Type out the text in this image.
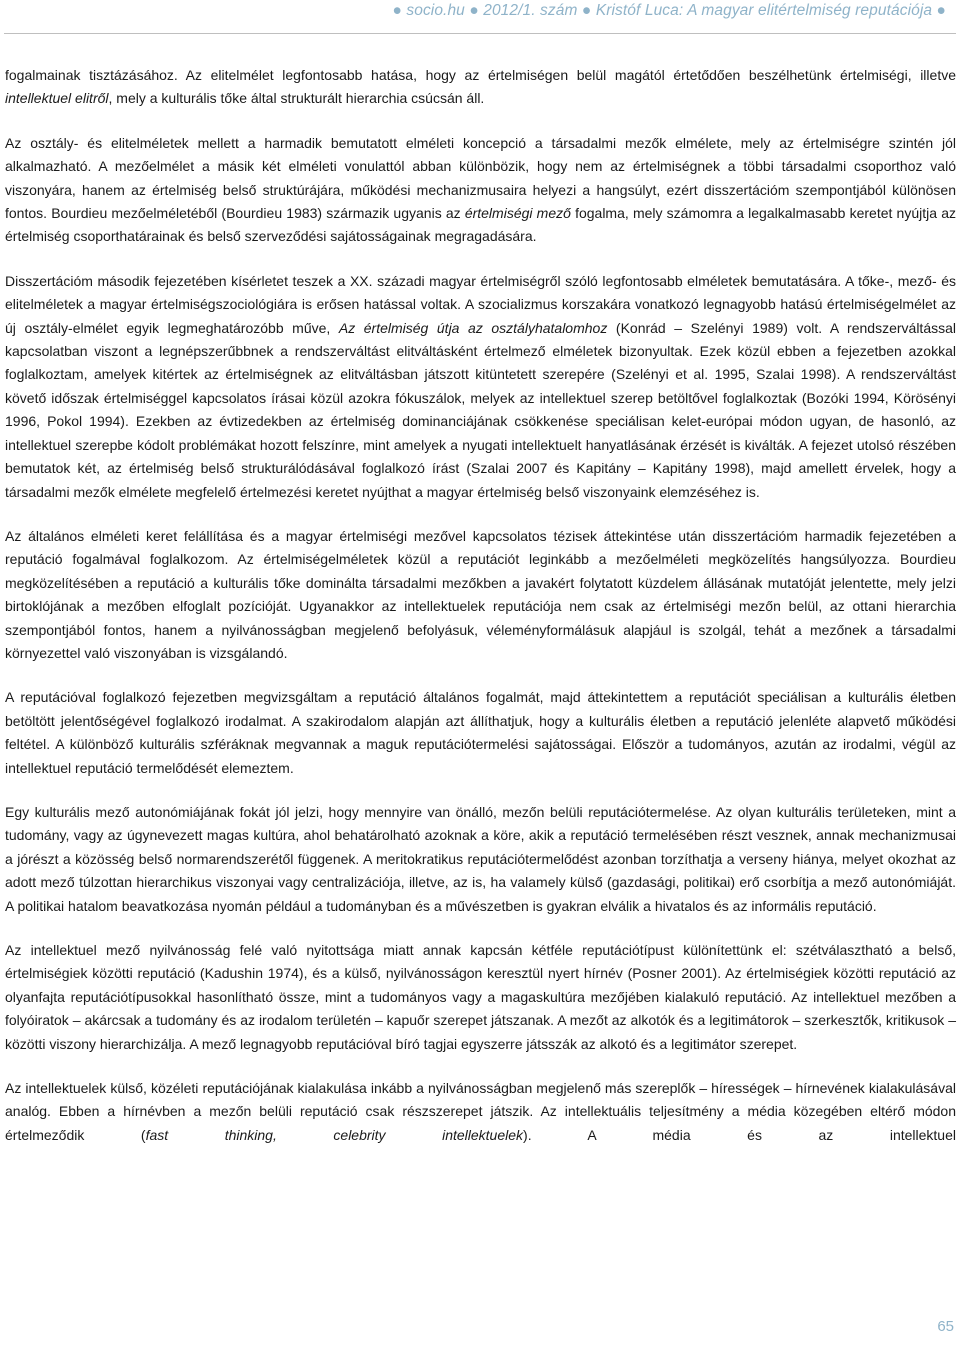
● socio.hu ● 2012/1. szám ● Kristóf Luca: A magyar elitértelmiség reputációja ●

fogalmainak tisztázásához. Az elitelmélet legfontosabb hatása, hogy az értelmiségen belül magától értetődően beszélhetünk értelmiségi, illetve intellektuel elitről, mely a kulturális tőke által strukturált hierarchia csúcsán áll.

Az osztály- és elitelméletek mellett a harmadik bemutatott elméleti koncepció a társadalmi mezők elmélete, mely az értelmiségre szintén jól alkalmazható. A mezőelmélet a másik két elméleti vonulattól abban különbözik, hogy nem az értelmiségnek a többi társadalmi csoporthoz való viszonyára, hanem az értelmiség belső struktúrájára, működési mechanizmusaira helyezi a hangsúlyt, ezért disszertációm szempontjából különösen fontos. Bourdieu mezőelméletéből (Bourdieu 1983) származik ugyanis az értelmiségi mező fogalma, mely számomra a legalkalmasabb keretet nyújtja az értelmiség csoporthatárainak és belső szerveződési sajátosságainak megragadására.

Disszertációm második fejezetében kísérletet teszek a XX. századi magyar értelmiségről szóló legfontosabb elméletek bemutatására. A tőke-, mező- és elitelméletek a magyar értelmiségszociológiára is erősen hatással voltak. A szocializmus korszakára vonatkozó legnagyobb hatású értelmiségelmélet az új osztály-elmélet egyik legmeghatározóbb műve, Az értelmiség útja az osztályhatalomhoz (Konrád – Szelényi 1989) volt. A rendszerváltással kapcsolatban viszont a legnépszerűbbnek a rendszerváltást elitváltásként értelmező elméletek bizonyultak. Ezek közül ebben a fejezetben azokkal foglalkoztam, amelyek kitértek az értelmiségnek az elitváltásban játszott kitüntetett szerepére (Szelényi et al. 1995, Szalai 1998). A rendszerváltást követő időszak értelmiséggel kapcsolatos írásai közül azokra fókuszálok, melyek az intellektuel szerep betöltővel foglalkoztak (Bozóki 1994, Körösényi 1996, Pokol 1994). Ezekben az évtizedekben az értelmiség dominanciájának csökkenése speciálisan kelet-európai módon ugyan, de hasonló, az intellektuel szerepbe kódolt problémákat hozott felszínre, mint amelyek a nyugati intellektuelt hanyatlásának érzését is kiválták. A fejezet utolsó részében bemutatok két, az értelmiség belső strukturálódásával foglalkozó írást (Szalai 2007 és Kapitány – Kapitány 1998), majd amellett érvelek, hogy a társadalmi mezők elmélete megfelelő értelmezési keretet nyújthat a magyar értelmiség belső viszonyaink elemzéséhez is.

Az általános elméleti keret felállítása és a magyar értelmiségi mezővel kapcsolatos tézisek áttekintése után disszertációm harmadik fejezetében a reputáció fogalmával foglalkozom. Az értelmiségelméletek közül a reputációt leginkább a mezőelméleti megközelítés hangsúlyozza. Bourdieu megközelítésében a reputáció a kulturális tőke dominálta társadalmi mezőkben a javakért folytatott küzdelem állásának mutatóját jelentette, mely jelzi birtoklójának a mezőben elfoglalt pozícióját. Ugyanakkor az intellektuelek reputációja nem csak az értelmiségi mezőn belül, az ottani hierarchia szempontjából fontos, hanem a nyilvánosságban megjelenő befolyásuk, véleményformálásuk alapjául is szolgál, tehát a mezőnek a társadalmi környezettel való viszonyában is vizsgálandó.

A reputációval foglalkozó fejezetben megvizsgáltam a reputáció általános fogalmát, majd áttekintettem a reputációt speciálisan a kulturális életben betöltött jelentőségével foglalkozó irodalmat. A szakirodalom alapján azt állíthatjuk, hogy a kulturális életben a reputáció jelenléte alapvető működési feltétel. A különböző kulturális szféráknak megvannak a maguk reputációtermelési sajátosságai. Először a tudományos, azután az irodalmi, végül az intellektuel reputáció termelődését elemeztem.

Egy kulturális mező autonómiájának fokát jól jelzi, hogy mennyire van önálló, mezőn belüli reputációtermelése. Az olyan kulturális területeken, mint a tudomány, vagy az úgynevezett magas kultúra, ahol behatárolható azoknak a köre, akik a reputáció termelésében részt vesznek, annak mechanizmusai a jórészt a közösség belső normarendszerétől függenek. A meritokratikus reputációtermelődést azonban torzíthatja a verseny hiánya, melyet okozhat az adott mező túlzottan hierarchikus viszonyai vagy centralizációja, illetve, az is, ha valamely külső (gazdasági, politikai) erő csorbítja a mező autonómiáját. A politikai hatalom beavatkozása nyomán például a tudományban és a művészetben is gyakran elválik a hivatalos és az informális reputáció.

Az intellektuel mező nyilvánosság felé való nyitottsága miatt annak kapcsán kétféle reputációtípust különítettünk el: szétválasztható a belső, értelmiségiek közötti reputáció (Kadushin 1974), és a külső, nyilvánosságon keresztül nyert hírnév (Posner 2001). Az értelmiségiek közötti reputáció az olyanfajta reputációtípusokkal hasonlítható össze, mint a tudományos vagy a magaskultúra mezőjében kialakuló reputáció. Az intellektuel mezőben a folyóiratok – akárcsak a tudomány és az irodalom területén – kapuőr szerepet játszanak. A mezőt az alkotók és a legitimátorok – szerkesztők, kritikusok – közötti viszony hierarchizálja. A mező legnagyobb reputációval bíró tagjai egyszerre játsszák az alkotó és a legitimátor szerepet.

Az intellektuelek külső, közéleti reputációjának kialakulása inkább a nyilvánosságban megjelenő más szereplők – hírességek – hírnevének kialakulásával analóg. Ebben a hírnévben a mezőn belüli reputáció csak részszerepet játszik. Az intellektuális teljesítmény a média közegében eltérő módon értelmeződik (fast thinking, celebrity intellektuelek). A média és az intellektuel

65
